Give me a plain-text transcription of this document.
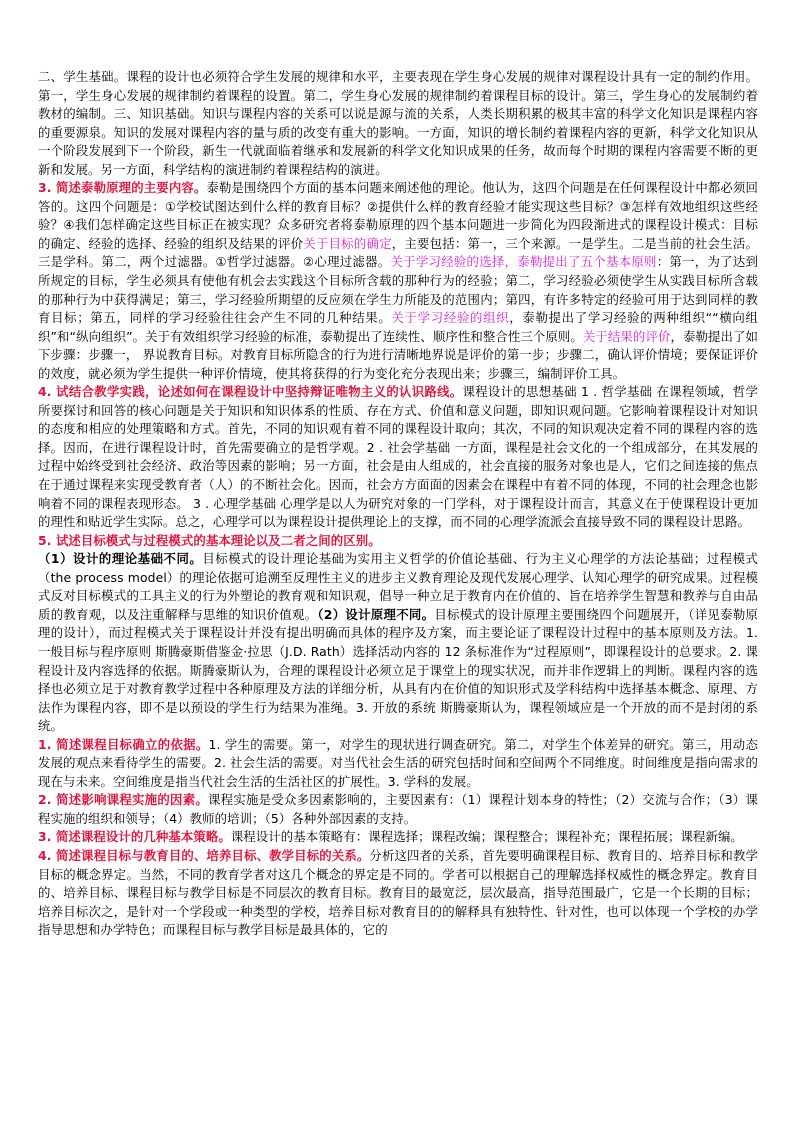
二、学生基础。课程的设计也必须符合学生发展的规律和水平，主要表现在学生身心发展的规律对课程设计具有一定的制约作用。第一，学生身心发展的规律制约着课程的设置。第二，学生身心发展的规律制约着课程目标的设计。第三，学生身心的发展制约着教材的编制。三、知识基础。知识与课程内容的关系可以说是源与流的关系，人类长期积累的极其丰富的科学文化知识是课程内容的重要源泉。知识的发展对课程内容的量与质的改变有重大的影响。一方面，知识的增长制约着课程内容的更新，科学文化知识从一个阶段发展到下一个阶段，新生一代就面临着继承和发展新的科学文化知识成果的任务，故而每个时期的课程内容需要不断的更新和发展。另一方面，科学结构的演进制约着课程结构的演进。

3. 简述泰勒原理的主要内容。泰勒是围绕四个方面的基本问题来阐述他的理论。他认为，这四个问题是在任何课程设计中都必须回答的。这四个问题是：①学校试图达到什么样的教育目标？②提供什么样的教育经验才能实现这些目标？③怎样有效地组织这些经验？④我们怎样确定这些目标正在被实现？众多研究者将泰勒原理的四个基本问题进一步简化为四段渐进式的课程设计模式：目标的确定、经验的选择、经验的组织及结果的评价关于目标的确定，主要包括：第一，三个来源。一是学生。二是当前的社会生活。三是学科。第二，两个过滤器。①哲学过滤器。②心理过滤器。关于学习经验的选择，泰勒提出了五个基本原则：第一，为了达到所规定的目标，学生必须具有使他有机会去实践这个目标所含载的那种行为的经验；第二，学习经验必须使学生从实践目标所含载的那种行为中获得满足；第三，学习经验所期望的反应须在学生力所能及的范围内；第四，有许多特定的经验可用于达到同样的教育目标；第五，同样的学习经验往往会产生不同的几种结果。关于学习经验的组织，泰勒提出了学习经验的两种组织““横向组织”和“纵向组织”。关于有效组织学习经验的标准，泰勒提出了连续性、顺序性和整合性三个原则。关于结果的评价，泰勒提出了如下步骤：步骤一， 界说教育目标。对教育目标所隐含的行为进行清晰地界说是评价的第一步；步骤二，确认评价情境；要保证评价的效度，就必须为学生提供一种评价情境，使其将获得的行为变化充分表现出来；步骤三，编制评价工具。

4. 试结合教学实践，论述如何在课程设计中坚持辩证唯物主义的认识路线。课程设计的思想基础 1 . 哲学基础 在课程领域，哲学所要探讨和回答的核心问题是关于知识和知识体系的性质、存在方式、价值和意义问题，即知识观问题。它影响着课程设计对知识的态度和相应的处理策略和方式。首先，不同的知识观有着不同的课程设计取向；其次，不同的知识观决定着不同的课程内容的选择。因而，在进行课程设计时，首先需要确立的是哲学观。2 . 社会学基础 一方面，课程是社会文化的一个组成部分，在其发展的过程中始终受到社会经济、政治等因素的影响；另一方面，社会是由人组成的，社会直接的服务对象也是人，它们之间连接的焦点在于通过课程来实现受教育者（人）的不断社会化。因而，社会方方面面的因素会在课程中有着不同的体现，不同的社会理念也影响着不同的课程表现形态。 3 . 心理学基础 心理学是以人为研究对象的一门学科，对于课程设计而言，其意义在于使课程设计更加的理性和贴近学生实际。总之，心理学可以为课程设计提供理论上的支撑，而不同的心理学流派会直接导致不同的课程设计思路。

5. 试述目标模式与过程模式的基本理论以及二者之间的区别。

（1）设计的理论基础不同。目标模式的设计理论基础为实用主义哲学的价值论基础、行为主义心理学的方法论基础；过程模式（the process model）的理论依据可追溯至反理性主义的进步主义教育理论及现代发展心理学、认知心理学的研究成果。过程模式反对目标模式的工具主义的行为外塑论的教育观和知识观，倡导一种立足于教育内在价值的、旨在培养学生智慧和教养与自由品质的教育观，以及注重解释与思维的知识价值观。（2）设计原理不同。目标模式的设计原理主要围绕四个问题展开，（详见泰勒原理的设计），而过程模式关于课程设计并没有提出明确而具体的程序及方案，而主要论证了课程设计过程中的基本原则及方法。1. 一般目标与程序原则 斯腾豪斯借鉴金·拉思（J.D. Rath）选择活动内容的 12 条标准作为“过程原则”，即课程设计的总要求。2. 课程设计及内容选择的依据。斯腾豪斯认为，合理的课程设计必须立足于课堂上的现实状况，而并非作逻辑上的判断。课程内容的选择也必须立足于对教育教学过程中各种原理及方法的详细分析，从具有内在价值的知识形式及学科结构中选择基本概念、原理、方法作为课程内容，即不是以预设的学生行为结果为准绳。3. 开放的系统 斯腾豪斯认为，课程领域应是一个开放的而不是封闭的系统。

1. 简述课程目标确立的依据。1. 学生的需要。第一，对学生的现状进行调查研究。第二，对学生个体差异的研究。第三，用动态发展的观点来看待学生的需要。2. 社会生活的需要。对当代社会生活的研究包括时间和空间两个不同维度。时间维度是指向需求的现在与未来。空间维度是指当代社会生活的生活社区的扩展性。3. 学科的发展。

2. 简述影响课程实施的因素。课程实施是受众多因素影响的，主要因素有：（1）课程计划本身的特性；（2）交流与合作；（3）课程实施的组织和领导；（4）教师的培训；（5）各种外部因素的支持。

3. 简述课程设计的几种基本策略。课程设计的基本策略有：课程选择；课程改编；课程整合；课程补充；课程拓展；课程新编。

4. 简述课程目标与教育目的、培养目标、教学目标的关系。分析这四者的关系，首先要明确课程目标、教育目的、培养目标和教学目标的概念界定。当然，不同的教育学者对这几个概念的界定是不同的。学者可以根据自己的理解选择权威性的概念界定。教育目的、培养目标、课程目标与教学目标是不同层次的教育目标。教育目的最宽泛，层次最高，指导范围最广，它是一个长期的目标；培养目标次之，是针对一个学段或一种类型的学校，培养目标对教育目的的解释具有独特性、针对性，也可以体现一个学校的办学指导思想和办学特色；而课程目标与教学目标是最具体的，它的
